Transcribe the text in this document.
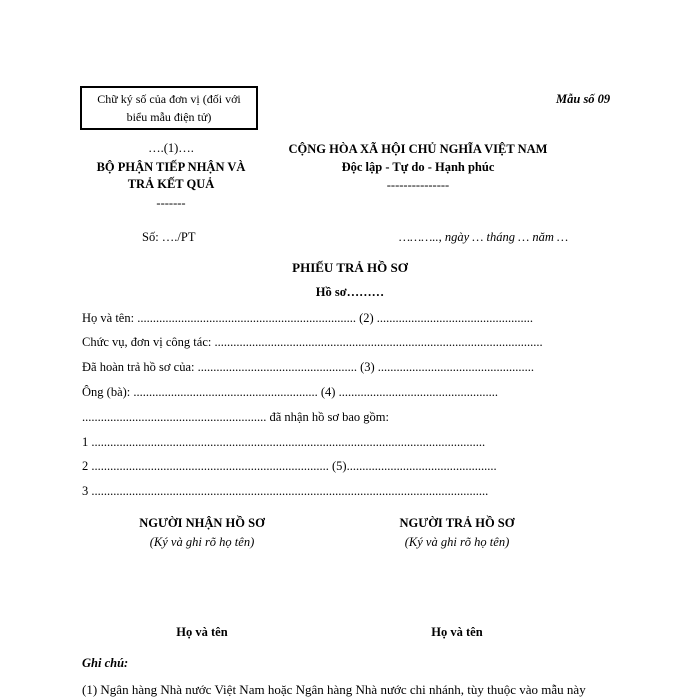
Chữ ký số của đơn vị (đối với
biểu mẫu điện tử)
Mẫu số 09
….(1)….
BỘ PHẬN TIẾP NHẬN VÀ
TRẢ KẾT QUẢ
-------
Số: …./PT
CỘNG HÒA XÃ HỘI CHỦ NGHĨA VIỆT NAM
Độc lập - Tự do - Hạnh phúc
---------------
……….., ngày … tháng … năm …
PHIẾU TRẢ HỒ SƠ
Hồ sơ………
Họ và tên: ...................................................................... (2) ..................................................
Chức vụ, đơn vị công tác: .........................................................................................................
Đã hoàn trả hồ sơ của: ................................................... (3) ..................................................
Ông (bà): ........................................................... (4) ...................................................
........................................................... đã nhận hồ sơ bao gồm:
1 ..............................................................................................................................
2 ............................................................................ (5)................................................
3 ...............................................................................................................................
NGƯỜI NHẬN HỒ SƠ
(Ký và ghi rõ họ tên)
NGƯỜI TRẢ HỒ SƠ
(Ký và ghi rõ họ tên)
Họ và tên	Họ và tên
Ghi chú:
(1) Ngân hàng Nhà nước Việt Nam hoặc Ngân hàng Nhà nước chi nhánh, tùy thuộc vào mẫu này
